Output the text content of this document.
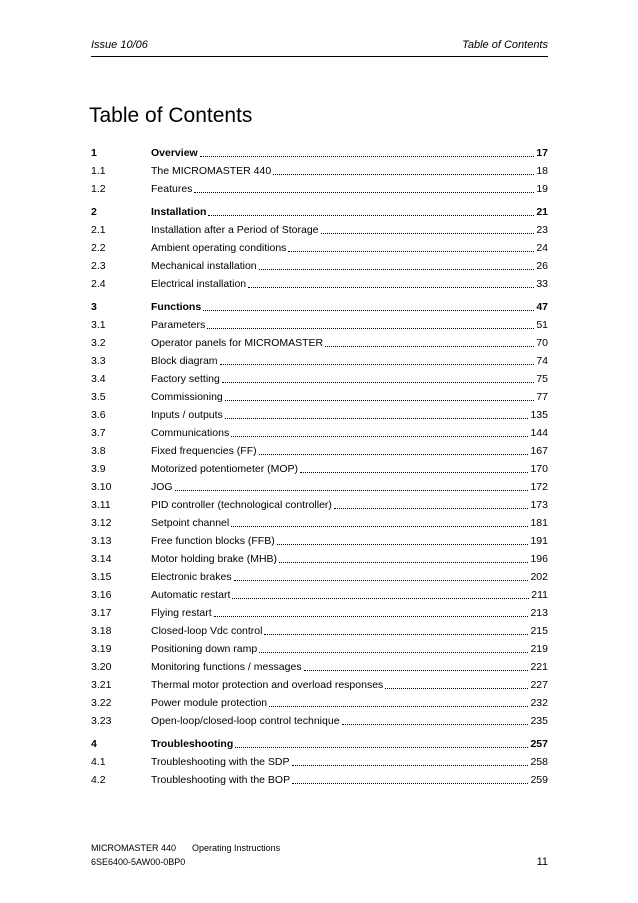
Issue 10/06	Table of Contents
Table of Contents
1	Overview	17
1.1	The MICROMASTER 440	18
1.2	Features	19
2	Installation	21
2.1	Installation after a Period of Storage	23
2.2	Ambient operating conditions	24
2.3	Mechanical installation	26
2.4	Electrical installation	33
3	Functions	47
3.1	Parameters	51
3.2	Operator panels for MICROMASTER	70
3.3	Block diagram	74
3.4	Factory setting	75
3.5	Commissioning	77
3.6	Inputs / outputs	135
3.7	Communications	144
3.8	Fixed frequencies (FF)	167
3.9	Motorized potentiometer (MOP)	170
3.10	JOG	172
3.11	PID controller (technological controller)	173
3.12	Setpoint channel	181
3.13	Free function blocks (FFB)	191
3.14	Motor holding brake (MHB)	196
3.15	Electronic brakes	202
3.16	Automatic restart	211
3.17	Flying restart	213
3.18	Closed-loop Vdc control	215
3.19	Positioning down ramp	219
3.20	Monitoring functions / messages	221
3.21	Thermal motor protection and overload responses	227
3.22	Power module protection	232
3.23	Open-loop/closed-loop control technique	235
4	Troubleshooting	257
4.1	Troubleshooting with the SDP	258
4.2	Troubleshooting with the BOP	259
MICROMASTER 440 Operating Instructions
6SE6400-5AW00-0BP0	11
